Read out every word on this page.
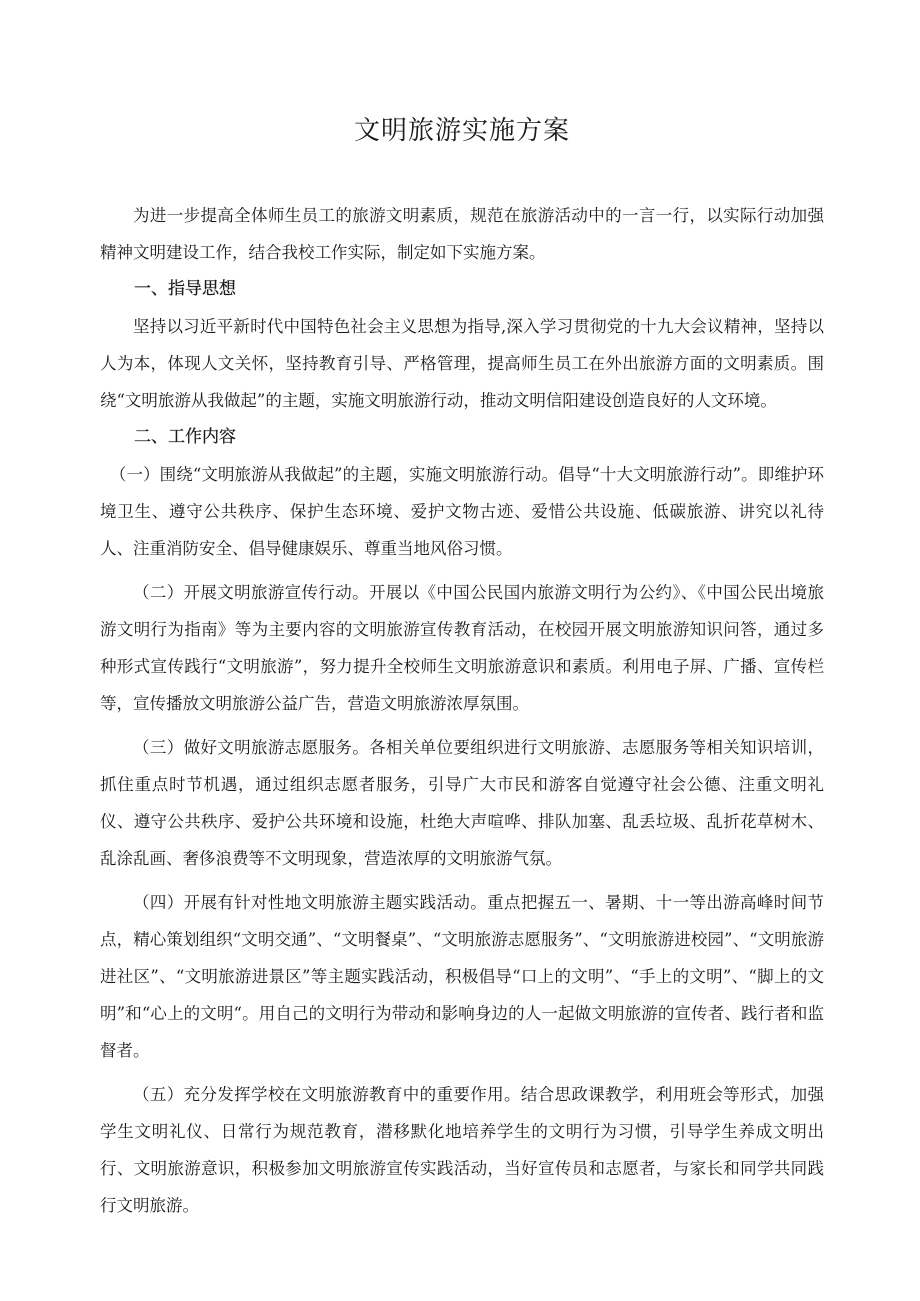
文明旅游实施方案

为进一步提高全体师生员工的旅游文明素质，规范在旅游活动中的一言一行，以实际行动加强精神文明建设工作，结合我校工作实际，制定如下实施方案。

一、指导思想

坚持以习近平新时代中国特色社会主义思想为指导,深入学习贯彻党的十九大会议精神，坚持以人为本，体现人文关怀，坚持教育引导、严格管理，提高师生员工在外出旅游方面的文明素质。围绕“文明旅游从我做起”的主题，实施文明旅游行动，推动文明信阳建设创造良好的人文环境。

二、工作内容

（一）围绕“文明旅游从我做起”的主题，实施文明旅游行动。倡导“十大文明旅游行动”。即维护环境卫生、遵守公共秩序、保护生态环境、爱护文物古迹、爱惜公共设施、低碳旅游、讲究以礼待人、注重消防安全、倡导健康娱乐、尊重当地风俗习惯。

（二）开展文明旅游宣传行动。开展以《中国公民国内旅游文明行为公约》、《中国公民出境旅游文明行为指南》等为主要内容的文明旅游宣传教育活动，在校园开展文明旅游知识问答，通过多种形式宣传践行“文明旅游”，努力提升全校师生文明旅游意识和素质。利用电子屏、广播、宣传栏等，宣传播放文明旅游公益广告，营造文明旅游浓厚氛围。

（三）做好文明旅游志愿服务。各相关单位要组织进行文明旅游、志愿服务等相关知识培训，抓住重点时节机遇，通过组织志愿者服务，引导广大市民和游客自觉遵守社会公德、注重文明礼仪、遵守公共秩序、爱护公共环境和设施，杜绝大声喧哗、排队加塞、乱丢垃圾、乱折花草树木、乱涂乱画、奢侈浪费等不文明现象，营造浓厚的文明旅游气氛。

（四）开展有针对性地文明旅游主题实践活动。重点把握五一、暑期、十一等出游高峰时间节点，精心策划组织“文明交通”、“文明餐桌”、“文明旅游志愿服务”、“文明旅游进校园”、“文明旅游进社区”、“文明旅游进景区”等主题实践活动，积极倡导“口上的文明”、“手上的文明”、“脚上的文明”和“心上的文明“。用自己的文明行为带动和影响身边的人一起做文明旅游的宣传者、践行者和监督者。

（五）充分发挥学校在文明旅游教育中的重要作用。结合思政课教学，利用班会等形式，加强学生文明礼仪、日常行为规范教育，潜移默化地培养学生的文明行为习惯，引导学生养成文明出行、文明旅游意识，积极参加文明旅游宣传实践活动，当好宣传员和志愿者，与家长和同学共同践行文明旅游。
